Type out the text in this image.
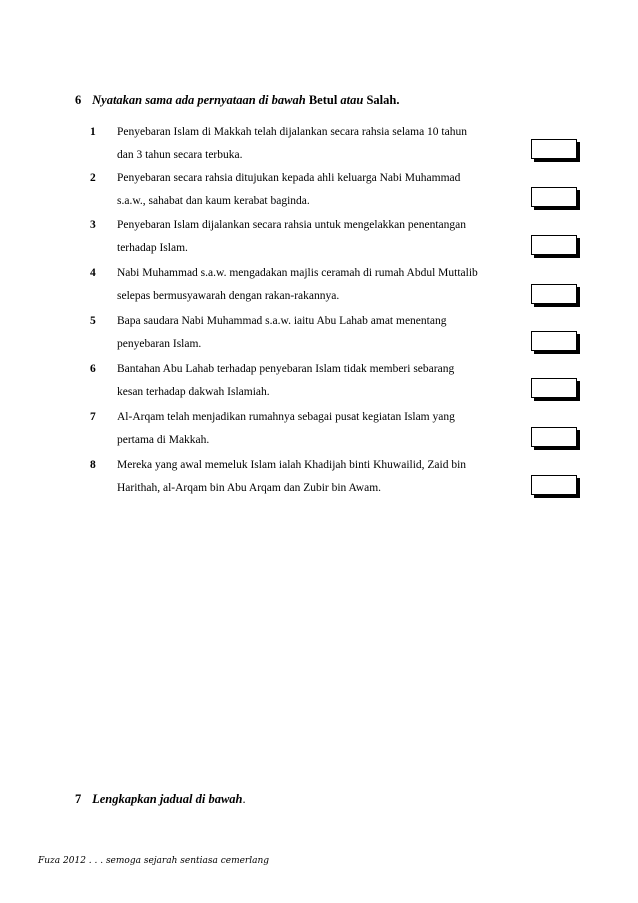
6 Nyatakan sama ada pernyataan di bawah Betul atau Salah.
1	Penyebaran Islam di Makkah telah dijalankan secara rahsia selama 10 tahun
dan 3 tahun secara terbuka.
2	Penyebaran secara rahsia ditujukan kepada ahli keluarga Nabi Muhammad
s.a.w., sahabat dan kaum kerabat baginda.
3	Penyebaran Islam dijalankan secara rahsia untuk mengelakkan penentangan
terhadap Islam.
4	Nabi Muhammad s.a.w. mengadakan majlis ceramah di rumah Abdul Muttalib
selepas bermusyawarah dengan rakan-rakannya.
5	Bapa saudara Nabi Muhammad s.a.w. iaitu Abu Lahab amat menentang
penyebaran Islam.
6	Bantahan Abu Lahab terhadap penyebaran Islam tidak memberi sebarang
kesan terhadap dakwah Islamiah.
7	Al-Arqam telah menjadikan rumahnya sebagai pusat kegiatan Islam yang
pertama di Makkah.
8	Mereka yang awal memeluk Islam ialah Khadijah binti Khuwailid, Zaid bin
Harithah, al-Arqam bin Abu Arqam dan Zubir bin Awam.
7 Lengkapkan jadual di bawah.
Fuza 2012 . . . semoga sejarah sentiasa cemerlang
